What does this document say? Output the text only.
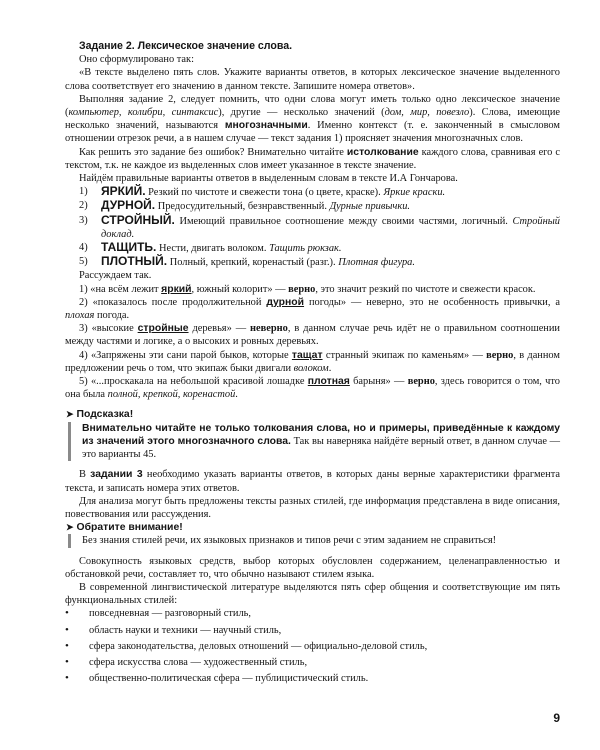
Задание 2. Лексическое значение слова.

Оно сформулировано так:

«В тексте выделено пять слов. Укажите варианты ответов, в которых лексическое значение выделенного слова соответствует его значению в данном тексте. Запишите номера ответов».

Выполняя задание 2, следует помнить, что одни слова могут иметь только одно лексическое значение (компьютер, колибри, синтаксис), другие — несколько значений (дом, мир, повезло). Слова, имеющие несколько значений, называются многозначными. Именно контекст (т. е. законченный в смысловом отношении отрезок речи, а в нашем случае — текст задания 1) проясняет значения многозначных слов.

Как решить это задание без ошибок? Внимательно читайте истолкование каждого слова, сравнивая его с текстом, т.к. не каждое из выделенных слов имеет указанное в тексте значение.

Найдём правильные варианты ответов в выделенным словам в тексте И.А Гончарова.

1) ЯРКИЙ. Резкий по чистоте и свежести тона (о цвете, краске). Яркие краски.
2) ДУРНОЙ. Предосудительный, безнравственный. Дурные привычки.
3) СТРОЙНЫЙ. Имеющий правильное соотношение между своими частями, логичный. Стройный доклад.
4) ТАЩИТЬ. Нести, двигать волоком. Тащить рюкзак.
5) ПЛОТНЫЙ. Полный, крепкий, коренастый (разг.). Плотная фигура.

Рассуждаем так.

1) «на всём лежит яркий, южный колорит» — верно, это значит резкий по чистоте и свежести красок.

2) «показалось после продолжительной дурной погоды» — неверно, это не особенность привычки, а плохая погода.

3) «высокие стройные деревья» — неверно, в данном случае речь идёт не о правильном соотношении между частями и логике, а о высоких и ровных деревьях.

4) «Запряжены эти сани парой быков, которые тащат странный экипаж по каменьям» — верно, в данном предложении речь о том, что экипаж быки двигали волоком.

5) «...проскакала на небольшой красивой лошадке плотная барыня» — верно, здесь говорится о том, что она была полной, крепкой, коренастой.

➤ Подсказка!

Внимательно читайте не только толкования слова, но и примеры, приведённые к каждому из значений этого многозначного слова. Так вы наверняка найдёте верный ответ, в данном случае — это варианты 45.

В задании 3 необходимо указать варианты ответов, в которых даны верные характеристики фрагмента текста, и записать номера этих ответов.

Для анализа могут быть предложены тексты разных стилей, где информация представлена в виде описания, повествования или рассуждения.

➤ Обратите внимание!

Без знания стилей речи, их языковых признаков и типов речи с этим заданием не справиться!

Совокупность языковых средств, выбор которых обусловлен содержанием, целенаправленностью и обстановкой речи, составляет то, что обычно называют стилем языка.

В современной лингвистической литературе выделяются пять сфер общения и соответствующие им пять функциональных стилей:

• повседневная — разговорный стиль,
• область науки и техники — научный стиль,
• сфера законодательства, деловых отношений — официально-деловой стиль,
• сфера искусства слова — художественный стиль,
• общественно-политическая сфера — публицистический стиль.
9
